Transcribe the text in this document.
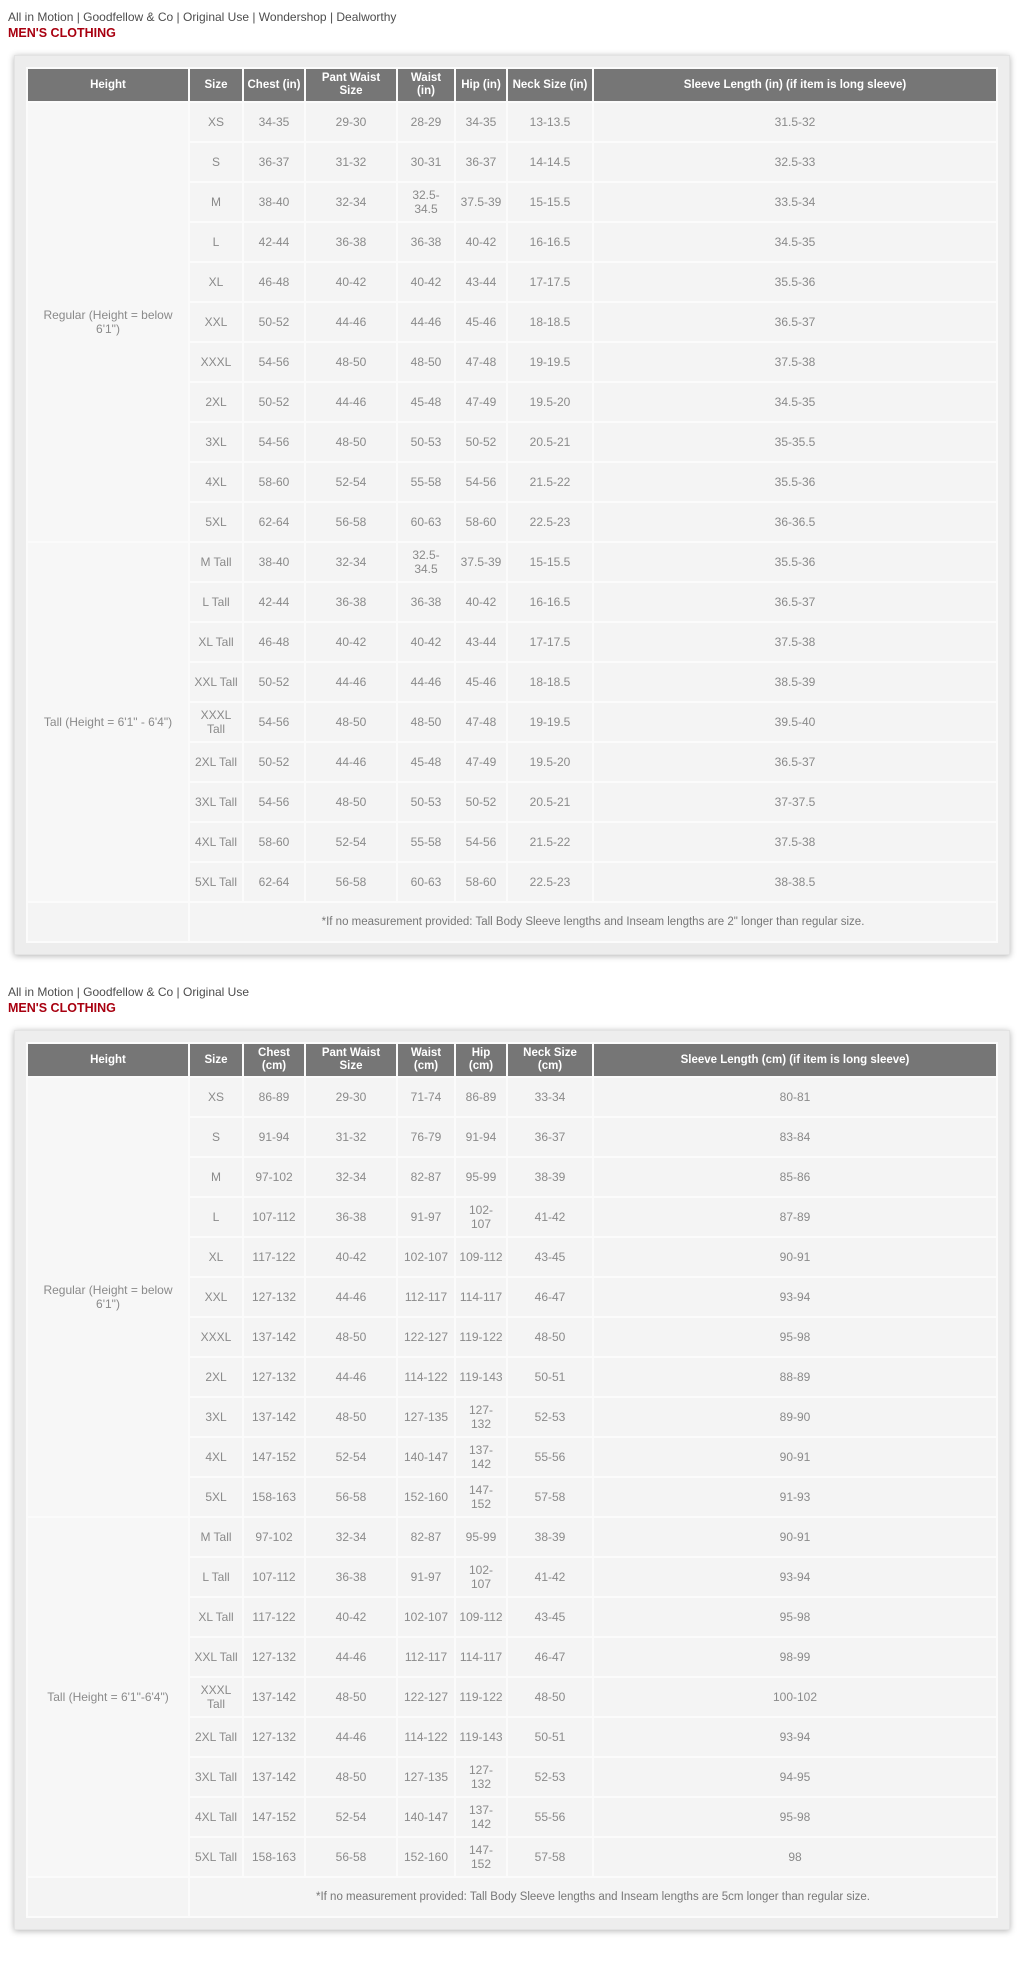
All in Motion | Goodfellow & Co | Original Use | Wondershop | Dealworthy
MEN'S CLOTHING
Height	Size	Chest (in)	Pant Waist Size	Waist (in)	Hip (in)	Neck Size (in)	Sleeve Length (in) (if item is long sleeve)
Regular (Height = below 6'1")	XS	34-35	29-30	28-29	34-35	13-13.5	31.5-32
	S	36-37	31-32	30-31	36-37	14-14.5	32.5-33
	M	38-40	32-34	32.5-34.5	37.5-39	15-15.5	33.5-34
	L	42-44	36-38	36-38	40-42	16-16.5	34.5-35
	XL	46-48	40-42	40-42	43-44	17-17.5	35.5-36
	XXL	50-52	44-46	44-46	45-46	18-18.5	36.5-37
	XXXL	54-56	48-50	48-50	47-48	19-19.5	37.5-38
	2XL	50-52	44-46	45-48	47-49	19.5-20	34.5-35
	3XL	54-56	48-50	50-53	50-52	20.5-21	35-35.5
	4XL	58-60	52-54	55-58	54-56	21.5-22	35.5-36
	5XL	62-64	56-58	60-63	58-60	22.5-23	36-36.5
Tall (Height = 6'1" - 6'4")	M Tall	38-40	32-34	32.5-34.5	37.5-39	15-15.5	35.5-36
	L Tall	42-44	36-38	36-38	40-42	16-16.5	36.5-37
	XL Tall	46-48	40-42	40-42	43-44	17-17.5	37.5-38
	XXL Tall	50-52	44-46	44-46	45-46	18-18.5	38.5-39
	XXXL Tall	54-56	48-50	48-50	47-48	19-19.5	39.5-40
	2XL Tall	50-52	44-46	45-48	47-49	19.5-20	36.5-37
	3XL Tall	54-56	48-50	50-53	50-52	20.5-21	37-37.5
	4XL Tall	58-60	52-54	55-58	54-56	21.5-22	37.5-38
	5XL Tall	62-64	56-58	60-63	58-60	22.5-23	38-38.5
	*If no measurement provided: Tall Body Sleeve lengths and Inseam lengths are 2" longer than regular size.						
All in Motion | Goodfellow & Co | Original Use
MEN'S CLOTHING
Height	Size	Chest (cm)	Pant Waist Size	Waist (cm)	Hip (cm)	Neck Size (cm)	Sleeve Length (cm) (if item is long sleeve)
Regular (Height = below 6'1")	XS	86-89	29-30	71-74	86-89	33-34	80-81
	S	91-94	31-32	76-79	91-94	36-37	83-84
	M	97-102	32-34	82-87	95-99	38-39	85-86
	L	107-112	36-38	91-97	102-107	41-42	87-89
	XL	117-122	40-42	102-107	109-112	43-45	90-91
	XXL	127-132	44-46	112-117	114-117	46-47	93-94
	XXXL	137-142	48-50	122-127	119-122	48-50	95-98
	2XL	127-132	44-46	114-122	119-143	50-51	88-89
	3XL	137-142	48-50	127-135	127-132	52-53	89-90
	4XL	147-152	52-54	140-147	137-142	55-56	90-91
	5XL	158-163	56-58	152-160	147-152	57-58	91-93
Tall (Height = 6'1"-6'4")	M Tall	97-102	32-34	82-87	95-99	38-39	90-91
	L Tall	107-112	36-38	91-97	102-107	41-42	93-94
	XL Tall	117-122	40-42	102-107	109-112	43-45	95-98
	XXL Tall	127-132	44-46	112-117	114-117	46-47	98-99
	XXXL Tall	137-142	48-50	122-127	119-122	48-50	100-102
	2XL Tall	127-132	44-46	114-122	119-143	50-51	93-94
	3XL Tall	137-142	48-50	127-135	127-132	52-53	94-95
	4XL Tall	147-152	52-54	140-147	137-142	55-56	95-98
	5XL Tall	158-163	56-58	152-160	147-152	57-58	98
	*If no measurement provided: Tall Body Sleeve lengths and Inseam lengths are 5cm longer than regular size.						
